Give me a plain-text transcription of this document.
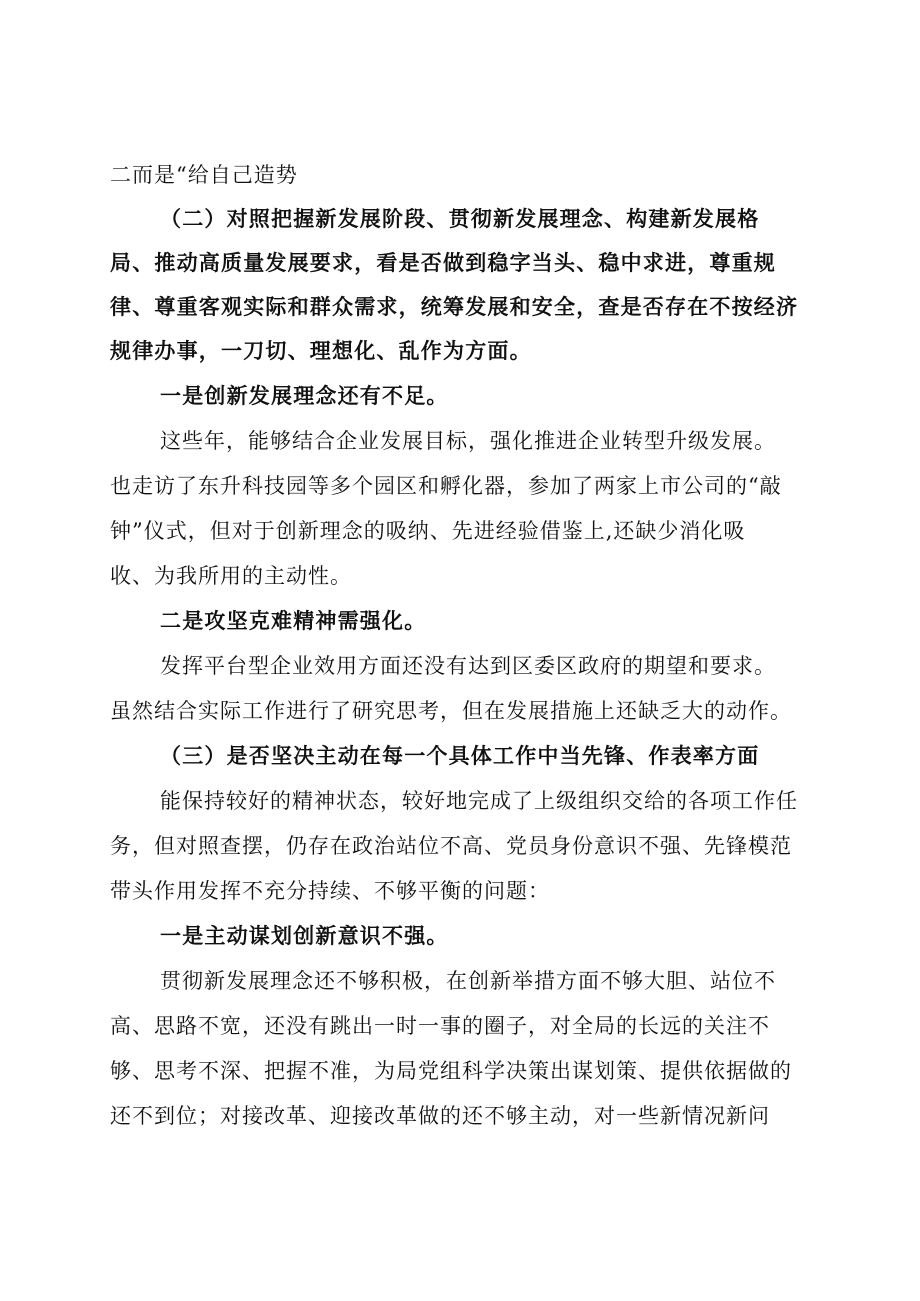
二而是“给自己造势
（二）对照把握新发展阶段、贯彻新发展理念、构建新发展格
局、推动高质量发展要求，看是否做到稳字当头、稳中求进，尊重规
律、尊重客观实际和群众需求，统筹发展和安全，查是否存在不按经济
规律办事，一刀切、理想化、乱作为方面。
一是创新发展理念还有不足。
这些年，能够结合企业发展目标，强化推进企业转型升级发展。
也走访了东升科技园等多个园区和孵化器，参加了两家上市公司的“敲
钟”仪式，但对于创新理念的吸纳、先进经验借鉴上,还缺少消化吸
收、为我所用的主动性。
二是攻坚克难精神需强化。
发挥平台型企业效用方面还没有达到区委区政府的期望和要求。
虽然结合实际工作进行了研究思考，但在发展措施上还缺乏大的动作。
（三）是否坚决主动在每一个具体工作中当先锋、作表率方面
能保持较好的精神状态，较好地完成了上级组织交给的各项工作任
务，但对照查摆，仍存在政治站位不高、党员身份意识不强、先锋模范
带头作用发挥不充分持续、不够平衡的问题：
一是主动谋划创新意识不强。
贯彻新发展理念还不够积极，在创新举措方面不够大胆、站位不
高、思路不宽，还没有跳出一时一事的圈子，对全局的长远的关注不
够、思考不深、把握不准，为局党组科学决策出谋划策、提供依据做的
还不到位；对接改革、迎接改革做的还不够主动，对一些新情况新问
